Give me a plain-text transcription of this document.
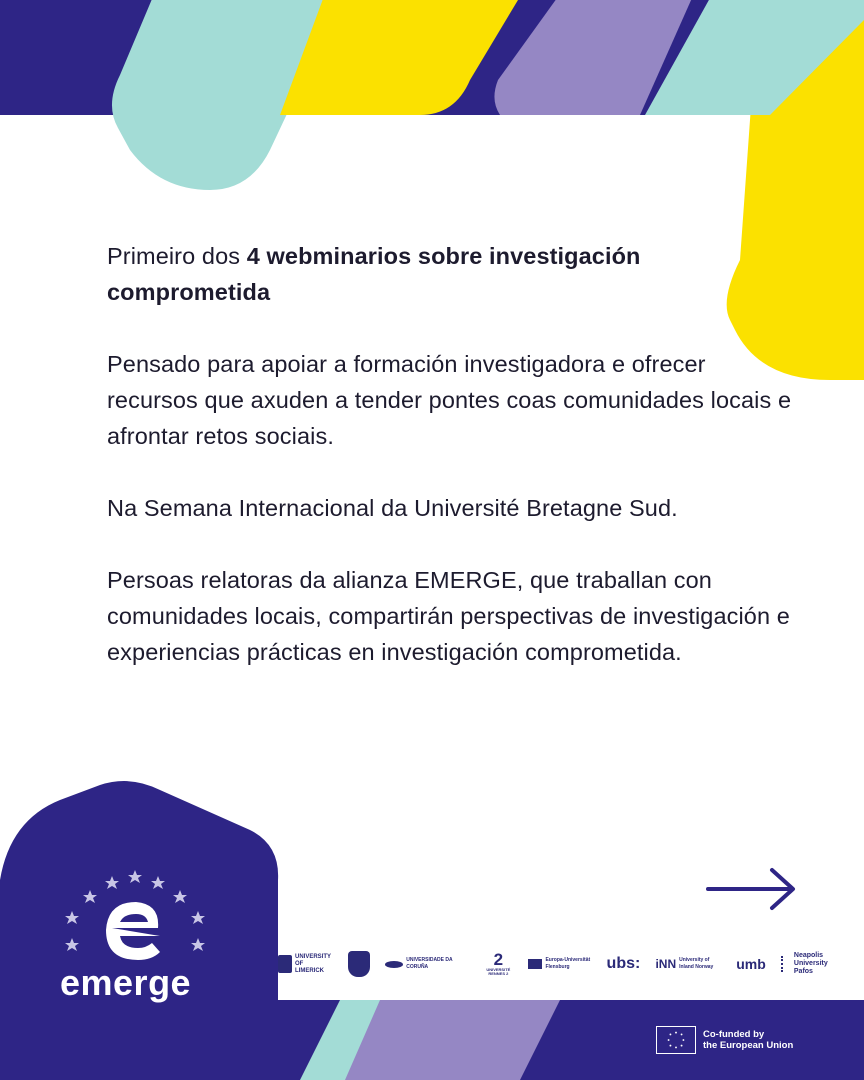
Primeiro dos 4 webminarios sobre investigación comprometida

Pensado para apoiar a formación investigadora e ofrecer recursos que axuden a tender pontes coas comunidades locais e afrontar retos sociais.

Na Semana Internacional da Université Bretagne Sud.

Persoas relatoras da alianza EMERGE, que traballan con comunidades locais, compartirán perspectivas de investigación e experiencias prácticas en investigación comprometida.

emerge
UNIVERSITY OF LIMERICK
UNIVERSIDADE DA CORUÑA	2
UNIVERSITÉ RENNES 2
Europa-Universität Flensburg	ubs: iNN University of Inland Norway	umb
Neapolis University Pafos
Co-funded by
the European Union
